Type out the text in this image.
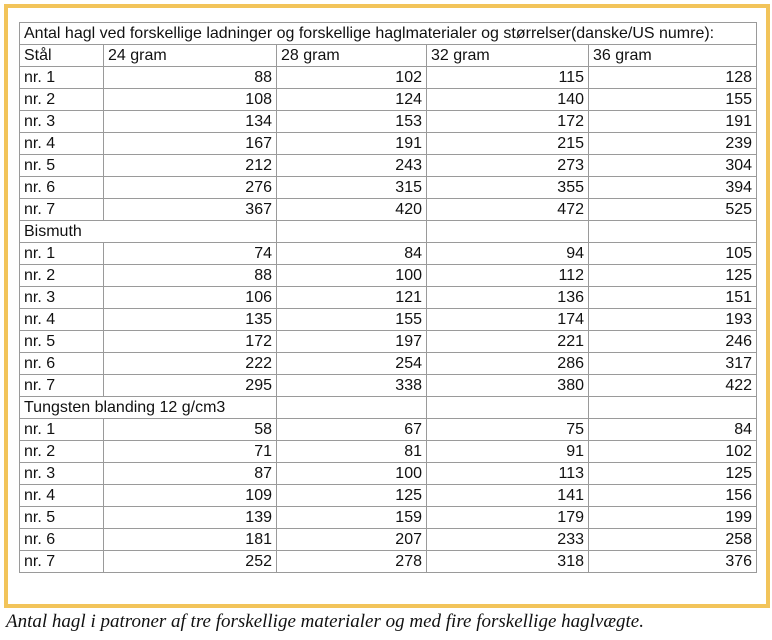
Antal hagl ved forskellige ladninger og forskellige haglmaterialer og størrelser(danske/US numre):				
Stål	24 gram	28 gram	32 gram	36 gram
nr. 1	88	102	115	128
nr. 2	108	124	140	155
nr. 3	134	153	172	191
nr. 4	167	191	215	239
nr. 5	212	243	273	304
nr. 6	276	315	355	394
nr. 7	367	420	472	525
Bismuth				
nr. 1	74	84	94	105
nr. 2	88	100	112	125
nr. 3	106	121	136	151
nr. 4	135	155	174	193
nr. 5	172	197	221	246
nr. 6	222	254	286	317
nr. 7	295	338	380	422
Tungsten blanding 12 g/cm3				
nr. 1	58	67	75	84
nr. 2	71	81	91	102
nr. 3	87	100	113	125
nr. 4	109	125	141	156
nr. 5	139	159	179	199
nr. 6	181	207	233	258
nr. 7	252	278	318	376
Antal hagl i patroner af tre forskellige materialer og med fire forskellige haglvægte.
